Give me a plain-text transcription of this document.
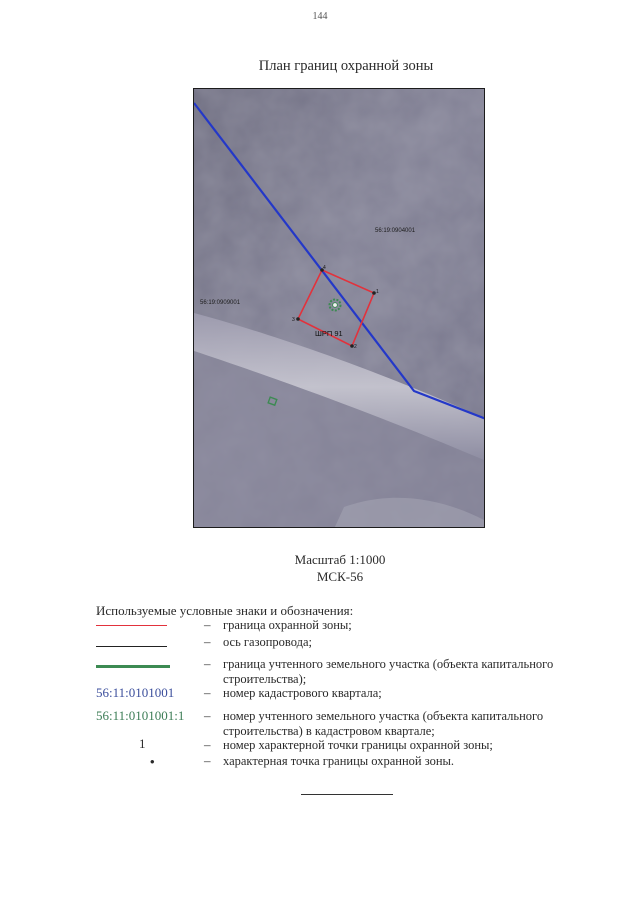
144
План границ охранной зоны
4
1
2
3
ШРП 91
56:19:0904001
56:19:0909001
Масштаб 1:1000
МСК-56
Используемые условные знаки и обозначения:
– граница охранной зоны;
– ось газопровода;
– граница учтенного земельного участка (объекта капитального строительства);
56:11:0101001 – номер кадастрового квартала;
56:11:0101001:1 – номер учтенного земельного участка (объекта капитального строительства) в кадастровом квартале;
1	– номер характерной точки границы охранной зоны;
•	– характерная точка границы охранной зоны.
